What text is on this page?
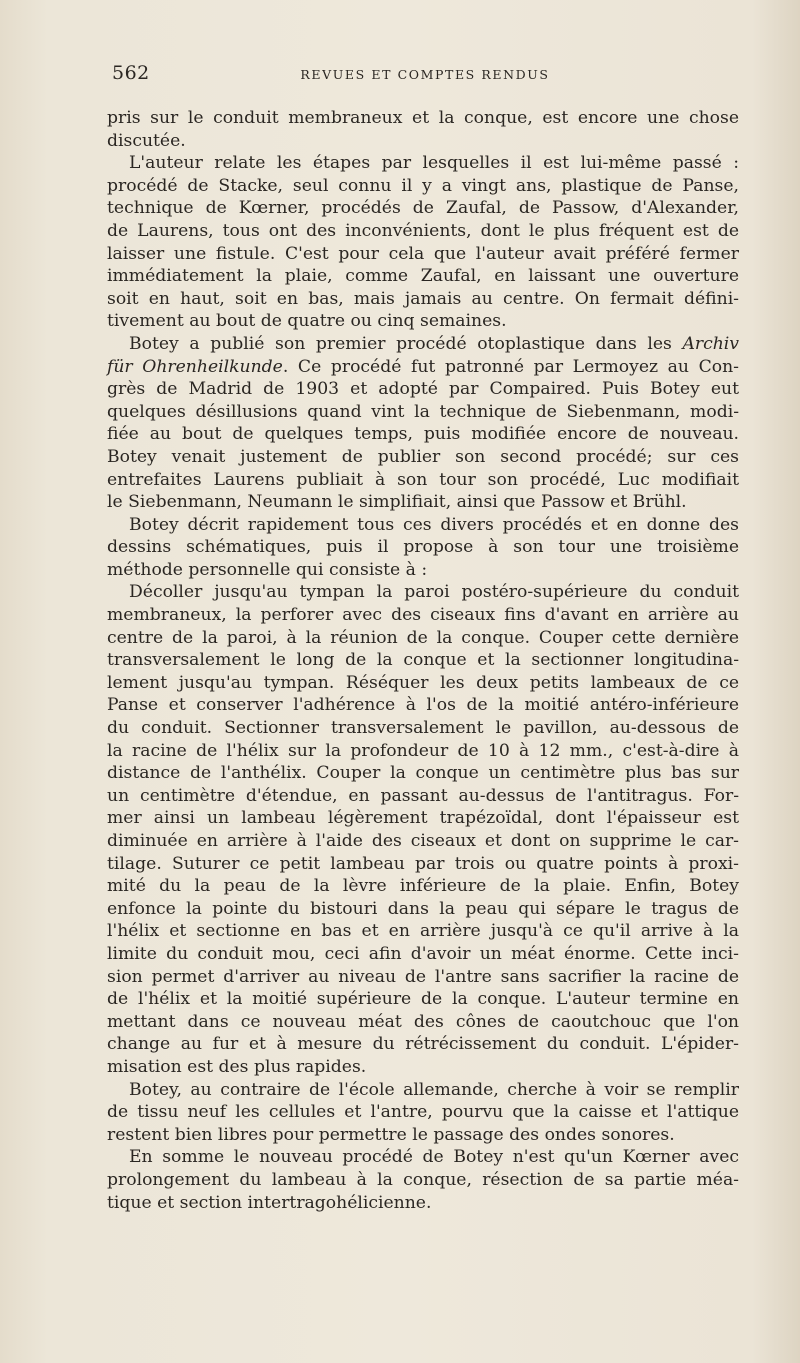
562	REVUES ET COMPTES RENDUS
pris sur le conduit membraneux et la conque, est encore une chose
discutée.
L'auteur relate les étapes par lesquelles il est lui-même passé :
procédé de Stacke, seul connu il y a vingt ans, plastique de Panse,
technique de Kœrner, procédés de Zaufal, de Passow, d'Alexander,
de Laurens, tous ont des inconvénients, dont le plus fréquent est de
laisser une fistule. C'est pour cela que l'auteur avait préféré fermer
immédiatement la plaie, comme Zaufal, en laissant une ouverture
soit en haut, soit en bas, mais jamais au centre. On fermait défini-
tivement au bout de quatre ou cinq semaines.
Botey a publié son premier procédé otoplastique dans les Archiv
für Ohrenheilkunde. Ce procédé fut patronné par Lermoyez au Con-
grès de Madrid de 1903 et adopté par Compaired. Puis Botey eut
quelques désillusions quand vint la technique de Siebenmann, modi-
fiée au bout de quelques temps, puis modifiée encore de nouveau.
Botey venait justement de publier son second procédé; sur ces
entrefaites Laurens publiait à son tour son procédé, Luc modifiait
le Siebenmann, Neumann le simplifiait, ainsi que Passow et Brühl.
Botey décrit rapidement tous ces divers procédés et en donne des
dessins schématiques, puis il propose à son tour une troisième
méthode personnelle qui consiste à :
Décoller jusqu'au tympan la paroi postéro-supérieure du conduit
membraneux, la perforer avec des ciseaux fins d'avant en arrière au
centre de la paroi, à la réunion de la conque. Couper cette dernière
transversalement le long de la conque et la sectionner longitudina-
lement jusqu'au tympan. Réséquer les deux petits lambeaux de ce
Panse et conserver l'adhérence à l'os de la moitié antéro-inférieure
du conduit. Sectionner transversalement le pavillon, au-dessous de
la racine de l'hélix sur la profondeur de 10 à 12 mm., c'est-à-dire à
distance de l'anthélix. Couper la conque un centimètre plus bas sur
un centimètre d'étendue, en passant au-dessus de l'antitragus. For-
mer ainsi un lambeau légèrement trapézoïdal, dont l'épaisseur est
diminuée en arrière à l'aide des ciseaux et dont on supprime le car-
tilage. Suturer ce petit lambeau par trois ou quatre points à proxi-
mité du la peau de la lèvre inférieure de la plaie. Enfin, Botey
enfonce la pointe du bistouri dans la peau qui sépare le tragus de
l'hélix et sectionne en bas et en arrière jusqu'à ce qu'il arrive à la
limite du conduit mou, ceci afin d'avoir un méat énorme. Cette inci-
sion permet d'arriver au niveau de l'antre sans sacrifier la racine de
de l'hélix et la moitié supérieure de la conque. L'auteur termine en
mettant dans ce nouveau méat des cônes de caoutchouc que l'on
change au fur et à mesure du rétrécissement du conduit. L'épider-
misation est des plus rapides.
Botey, au contraire de l'école allemande, cherche à voir se remplir
de tissu neuf les cellules et l'antre, pourvu que la caisse et l'attique
restent bien libres pour permettre le passage des ondes sonores.
En somme le nouveau procédé de Botey n'est qu'un Kœrner avec
prolongement du lambeau à la conque, résection de sa partie méa-
tique et section intertragohélicienne.
